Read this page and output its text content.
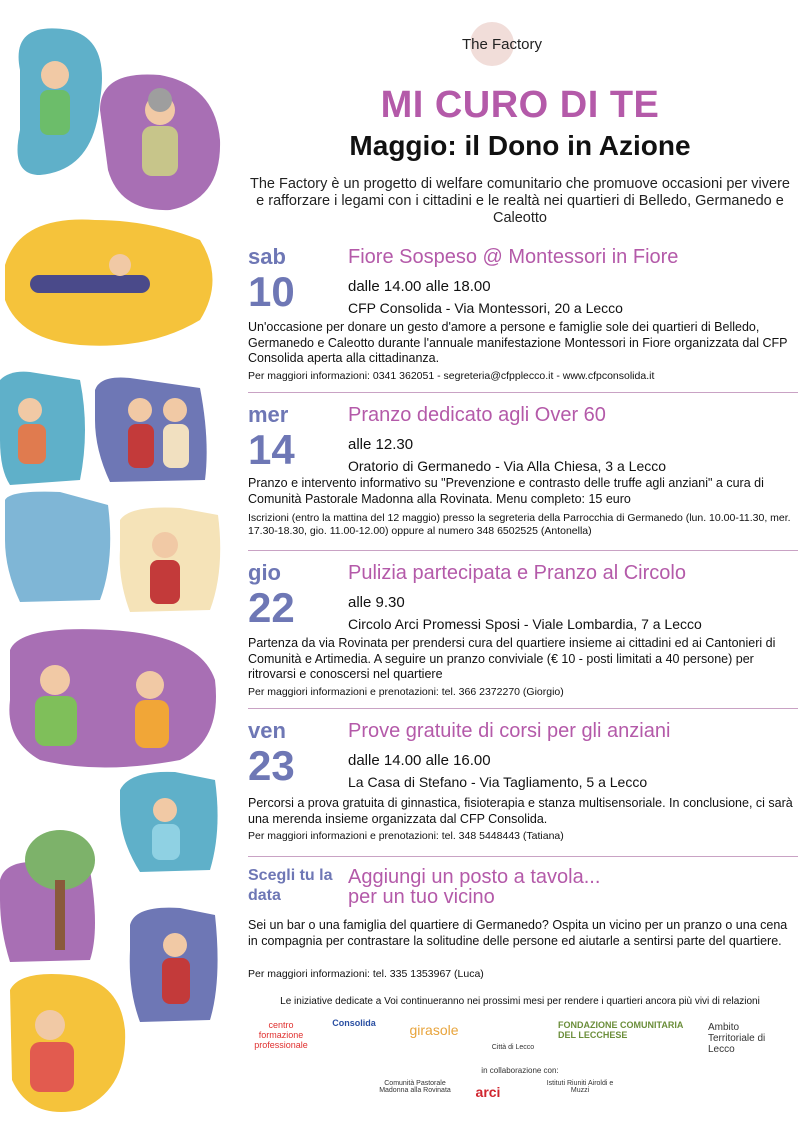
The Factory
MI CURO DI TE
Maggio: il Dono in Azione
The Factory è un progetto di welfare comunitario che promuove occasioni per vivere e rafforzare i legami con i cittadini e le realtà nei quartieri di Belledo, Germanedo e Caleotto
sab
10
Fiore Sospeso @ Montessori in Fiore
dalle 14.00 alle 18.00
CFP Consolida - Via Montessori, 20 a Lecco
Un'occasione per donare un gesto d'amore a persone e famiglie sole dei quartieri di Belledo, Germanedo e Caleotto durante l'annuale manifestazione Montessori in Fiore organizzata dal CFP Consolida aperta alla cittadinanza.
Per maggiori informazioni: 0341 362051 - segreteria@cfpplecco.it - www.cfpconsolida.it
mer
14
Pranzo dedicato agli Over 60
alle 12.30
Oratorio di Germanedo - Via Alla Chiesa, 3 a Lecco
Pranzo e intervento informativo su "Prevenzione e contrasto delle truffe agli anziani" a cura di Comunità Pastorale Madonna alla Rovinata. Menu completo: 15 euro
Iscrizioni (entro la mattina del 12 maggio) presso la segreteria della Parrocchia di Germanedo (lun. 10.00-11.30, mer. 17.30-18.30, gio. 11.00-12.00) oppure al numero 348 6502525 (Antonella)
gio
22
Pulizia partecipata e Pranzo al Circolo
alle 9.30
Circolo Arci Promessi Sposi - Viale Lombardia, 7 a Lecco
Partenza da via Rovinata per prendersi cura del quartiere insieme ai cittadini ed ai Cantonieri di Comunità e Artimedia. A seguire un pranzo conviviale (€ 10 - posti limitati a 40 persone) per ritrovarsi e conoscersi nel quartiere
Per maggiori informazioni e prenotazioni: tel. 366 2372270 (Giorgio)
ven
23
Prove gratuite di corsi per gli anziani
dalle 14.00 alle 16.00
La Casa di Stefano - Via Tagliamento, 5 a Lecco
Percorsi a prova gratuita di ginnastica, fisioterapia e stanza multisensoriale. In conclusione, ci sarà una merenda insieme organizzata dal CFP Consolida.
Per maggiori informazioni e prenotazioni: tel. 348 5448443 (Tatiana)
Scegli tu la data
Aggiungi un posto a tavola...
per un tuo vicino
Sei un bar o una famiglia del quartiere di Germanedo? Ospita un vicino per un pranzo o una cena in compagnia per contrastare la solitudine delle persone ed aiutarle a sentirsi parte del quartiere.
Per maggiori informazioni: tel. 335 1353967 (Luca)
Le iniziative dedicate a Voi continueranno nei prossimi mesi per rendere i quartieri ancora più vivi di relazioni
centro formazione professionale
Consolida	girasole
Città di Lecco
FONDAZIONE COMUNITARIA DEL LECCHESE
Ambito Territoriale di Lecco
in collaborazione con:
Comunità Pastorale Madonna alla Rovinata	arci
Istituti Riuniti Airoldi e Muzzi
